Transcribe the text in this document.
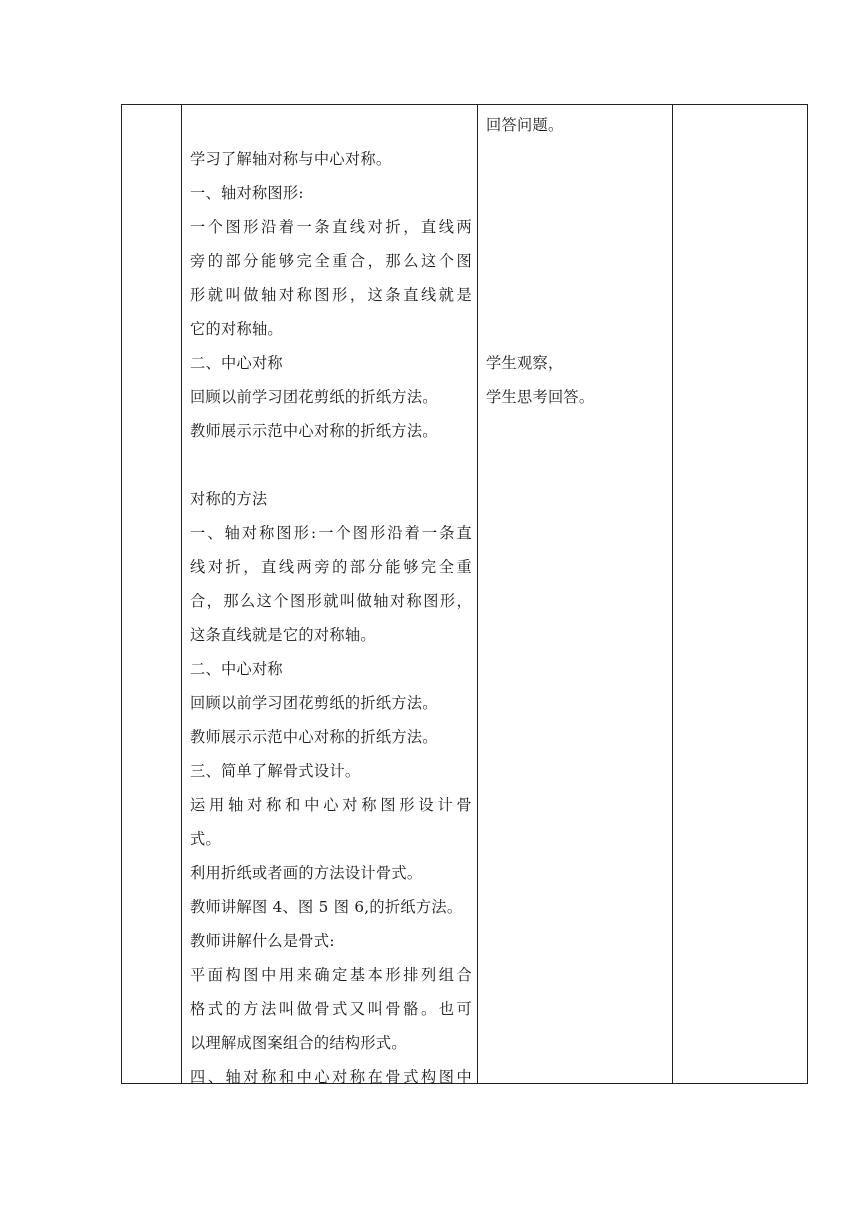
学习了解轴对称与中心对称。
一、轴对称图形:
一个图形沿着一条直线对折，直线两
旁的部分能够完全重合，那么这个图
形就叫做轴对称图形，这条直线就是
它的对称轴。
二、中心对称
回顾以前学习团花剪纸的折纸方法。
教师展示示范中心对称的折纸方法。
对称的方法
一、轴对称图形:一个图形沿着一条直
线对折，直线两旁的部分能够完全重
合，那么这个图形就叫做轴对称图形，
这条直线就是它的对称轴。
二、中心对称
回顾以前学习团花剪纸的折纸方法。
教师展示示范中心对称的折纸方法。
三、简单了解骨式设计。
运用轴对称和中心对称图形设计骨
式。
利用折纸或者画的方法设计骨式。
教师讲解图 4、图 5 图 6,的折纸方法。
教师讲解什么是骨式:
平面构图中用来确定基本形排列组合
格式的方法叫做骨式又叫骨骼。也可
以理解成图案组合的结构形式。
四、轴对称和中心对称在骨式构图中
回答问题。
学生观察，
学生思考回答。
